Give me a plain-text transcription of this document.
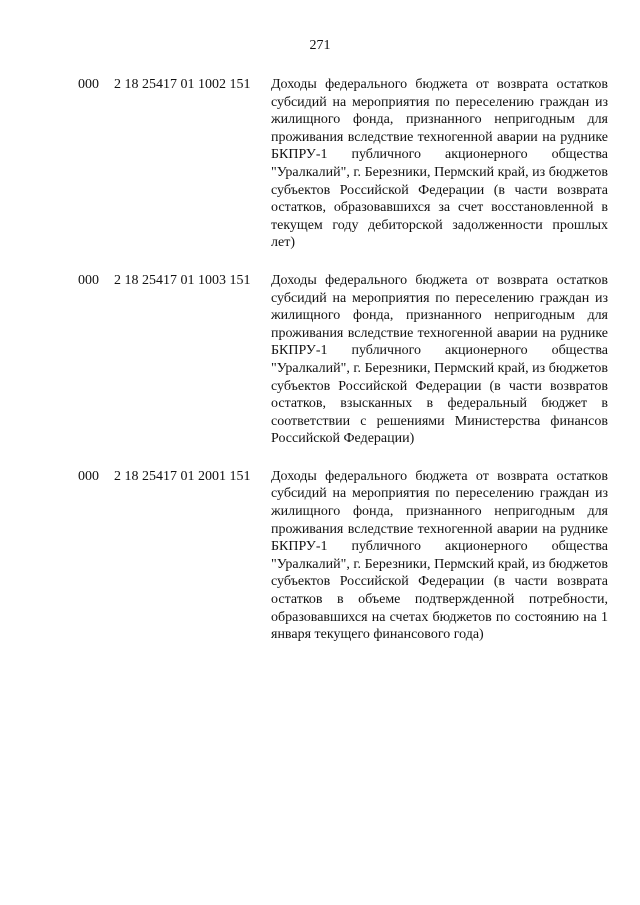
271
000	2 18 25417 01 1002 151	Доходы федерального бюджета от возврата остатков субсидий на мероприятия по переселению граждан из жилищного фонда, признанного непригодным для проживания вследствие техногенной аварии на руднике БКПРУ-1 публичного акционерного общества "Уралкалий", г. Березники, Пермский край, из бюджетов субъектов Российской Федерации (в части возврата остатков, образовавшихся за счет восстановленной в текущем году дебиторской задолженности прошлых лет)
000	2 18 25417 01 1003 151	Доходы федерального бюджета от возврата остатков субсидий на мероприятия по переселению граждан из жилищного фонда, признанного непригодным для проживания вследствие техногенной аварии на руднике БКПРУ-1 публичного акционерного общества "Уралкалий", г. Березники, Пермский край, из бюджетов субъектов Российской Федерации (в части возвратов остатков, взысканных в федеральный бюджет в соответствии с решениями Министерства финансов Российской Федерации)
000	2 18 25417 01 2001 151	Доходы федерального бюджета от возврата остатков субсидий на мероприятия по переселению граждан из жилищного фонда, признанного непригодным для проживания вследствие техногенной аварии на руднике БКПРУ-1 публичного акционерного общества "Уралкалий", г. Березники, Пермский край, из бюджетов субъектов Российской Федерации (в части возврата остатков в объеме подтвержденной потребности, образовавшихся на счетах бюджетов по состоянию на 1 января текущего финансового года)
